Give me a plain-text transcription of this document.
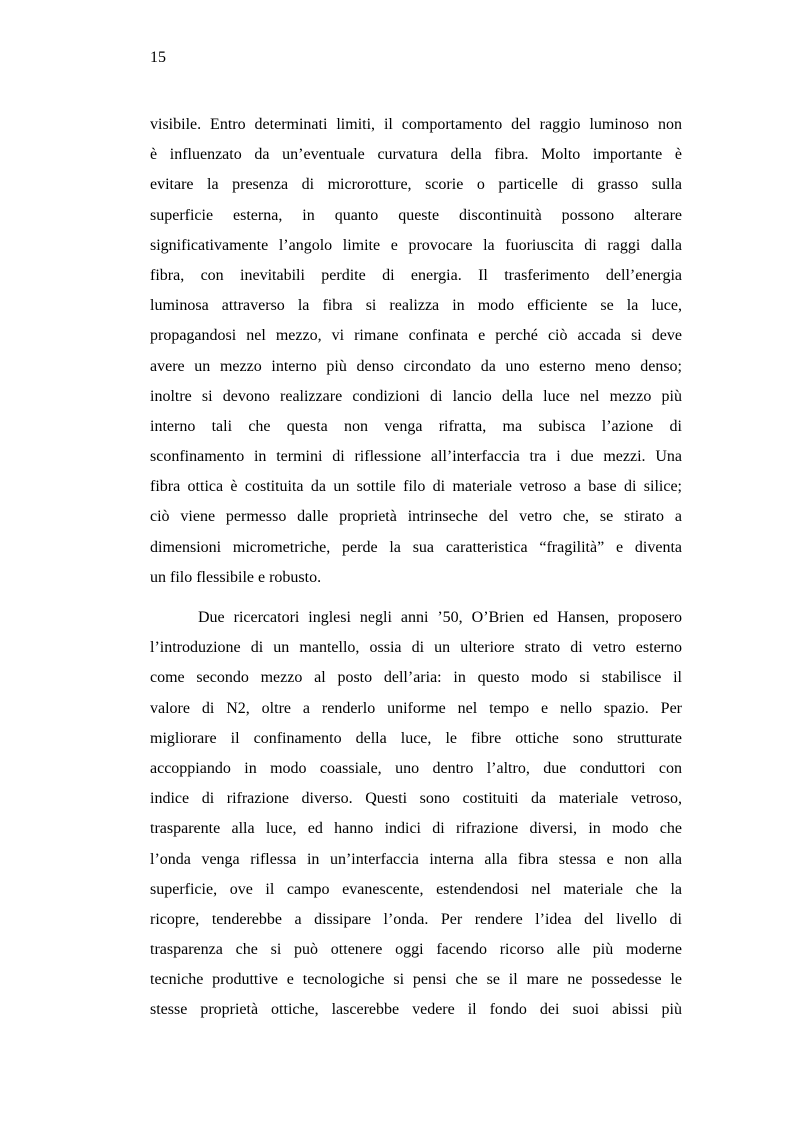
15

visibile. Entro determinati limiti, il comportamento del raggio luminoso non
è influenzato da un’eventuale curvatura della fibra. Molto importante è
evitare la presenza di microrotture, scorie o particelle di grasso sulla
superficie esterna, in quanto queste discontinuità possono alterare
significativamente l’angolo limite e provocare la fuoriuscita di raggi dalla
fibra, con inevitabili perdite di energia. Il trasferimento dell’energia
luminosa attraverso la fibra si realizza in modo efficiente se la luce,
propagandosi nel mezzo, vi rimane confinata e perché ciò accada si deve
avere un mezzo interno più denso circondato da uno esterno meno denso;
inoltre si devono realizzare condizioni di lancio della luce nel mezzo più
interno tali che questa non venga rifratta, ma subisca l’azione di
sconfinamento in termini di riflessione all’interfaccia tra i due mezzi. Una
fibra ottica è costituita da un sottile filo di materiale vetroso a base di silice;
ciò viene permesso dalle proprietà intrinseche del vetro che, se stirato a
dimensioni micrometriche, perde la sua caratteristica “fragilità” e diventa
un filo flessibile e robusto.

Due ricercatori inglesi negli anni ’50, O’Brien ed Hansen, proposero
l’introduzione di un mantello, ossia di un ulteriore strato di vetro esterno
come secondo mezzo al posto dell’aria: in questo modo si stabilisce il
valore di N2, oltre a renderlo uniforme nel tempo e nello spazio. Per
migliorare il confinamento della luce, le fibre ottiche sono strutturate
accoppiando in modo coassiale, uno dentro l’altro, due conduttori con
indice di rifrazione diverso. Questi sono costituiti da materiale vetroso,
trasparente alla luce, ed hanno indici di rifrazione diversi, in modo che
l’onda venga riflessa in un’interfaccia interna alla fibra stessa e non alla
superficie, ove il campo evanescente, estendendosi nel materiale che la
ricopre, tenderebbe a dissipare l’onda. Per rendere l’idea del livello di
trasparenza che si può ottenere oggi facendo ricorso alle più moderne
tecniche produttive e tecnologiche si pensi che se il mare ne possedesse le
stesse proprietà ottiche, lascerebbe vedere il fondo dei suoi abissi più
